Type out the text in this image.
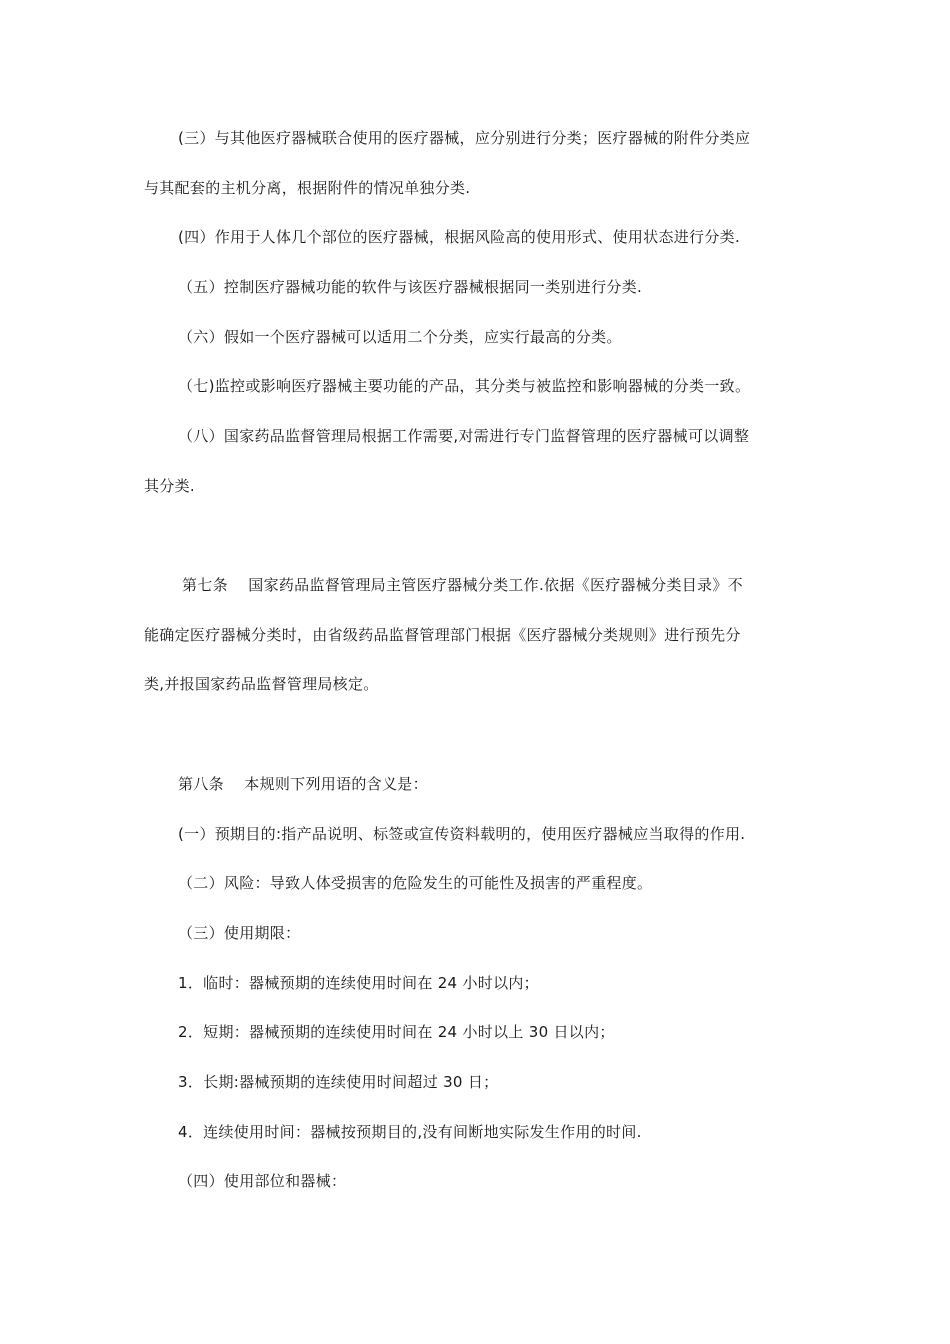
(三）与其他医疗器械联合使用的医疗器械，应分别进行分类；医疗器械的附件分类应
与其配套的主机分离，根据附件的情况单独分类.
(四）作用于人体几个部位的医疗器械，根据风险高的使用形式、使用状态进行分类.
（五）控制医疗器械功能的软件与该医疗器械根据同一类别进行分类.
（六）假如一个医疗器械可以适用二个分类，应实行最高的分类。
（七)监控或影响医疗器械主要功能的产品，其分类与被监控和影响器械的分类一致。
（八）国家药品监督管理局根据工作需要,对需进行专门监督管理的医疗器械可以调整
其分类.
第七条　 国家药品监督管理局主管医疗器械分类工作.依据《医疗器械分类目录》不
能确定医疗器械分类时，由省级药品监督管理部门根据《医疗器械分类规则》进行预先分
类,并报国家药品监督管理局核定。
第八条　 本规则下列用语的含义是：
(一）预期目的:指产品说明、标签或宣传资料载明的，使用医疗器械应当取得的作用.
（二）风险：导致人体受损害的危险发生的可能性及损害的严重程度。
（三）使用期限：
1．临时：器械预期的连续使用时间在 24 小时以内；
2．短期：器械预期的连续使用时间在 24 小时以上 30 日以内；
3．长期:器械预期的连续使用时间超过 30 日；
4．连续使用时间：器械按预期目的,没有间断地实际发生作用的时间.
（四）使用部位和器械：
